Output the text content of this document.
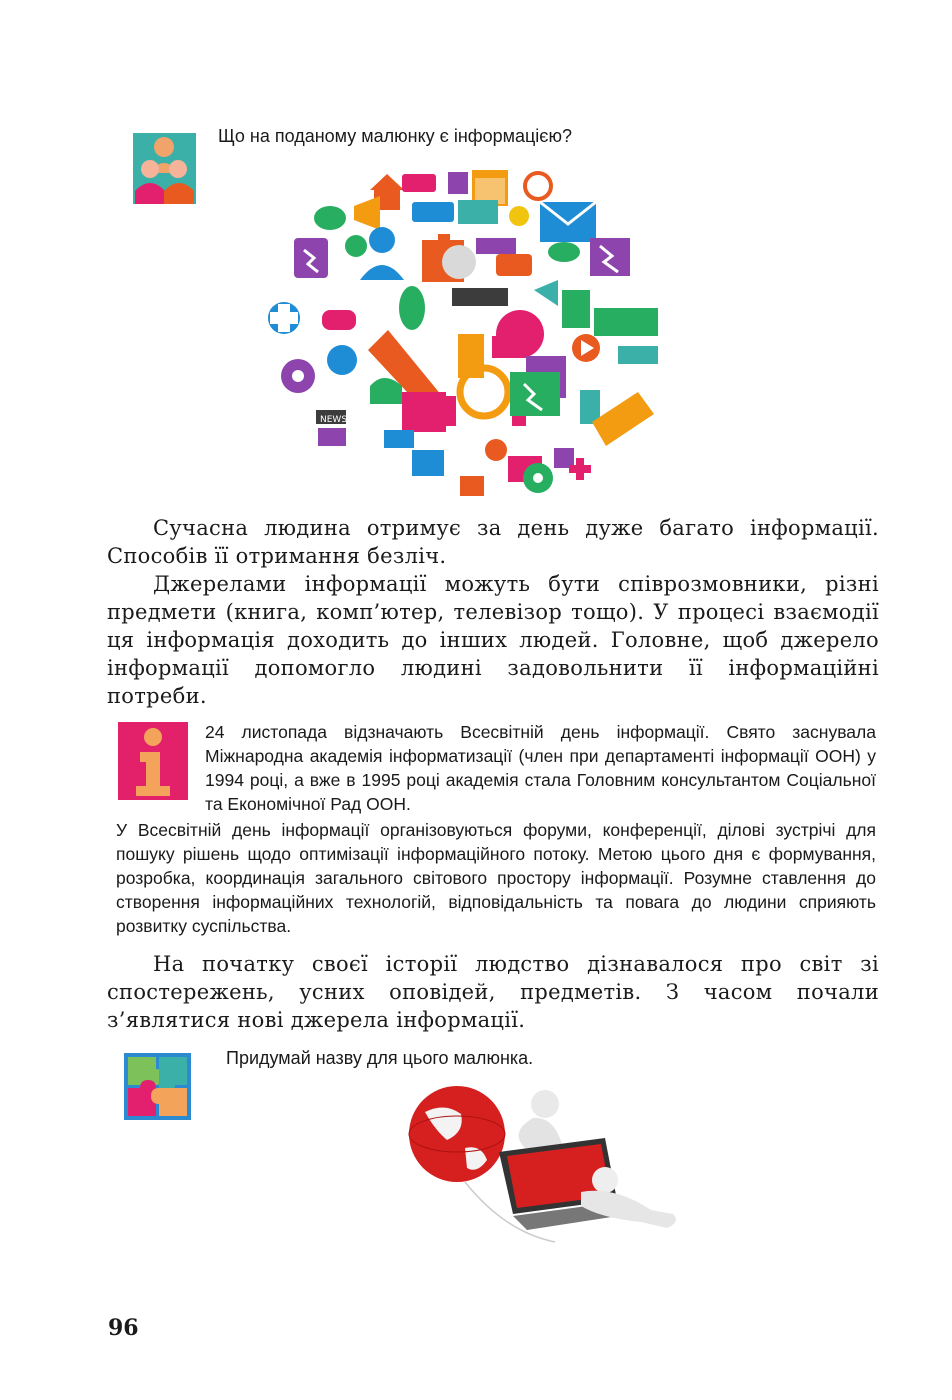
Що на поданому малюнку є інформацією?
NEWS

Сучасна людина отримує за день дуже багато інформації. Способів її отримання безліч.

Джерелами інформації можуть бути співрозмовники, різні предмети (книга, комп’ютер, телевізор тощо). У процесі взаємодії ця інформація доходить до інших людей. Головне, щоб джерело інформації допомогло людині задовольнити її інформаційні потреби.

24 листопада відзначають Всесвітній день інформації. Свято заснувала Міжнародна академія інформатизації (член при департаменті інформації ООН) у 1994 році, а вже в 1995 році академія стала Головним консультантом Соціальної та Економічної Рад ООН.

У Всесвітній день інформації організовуються форуми, конференції, ділові зустрічі для пошуку рішень щодо оптимізації інформаційного потоку. Метою цього дня є формування, розробка, координація загального світового простору інформації. Розумне ставлення до створення інформаційних технологій, відповідальність та повага до людини сприяють розвитку суспільства.

На початку своєї історії людство дізнавалося про світ зі спостережень, усних оповідей, предметів. З часом почали з’являтися нові джерела інформації.

Придумай назву для цього малюнка.
96
